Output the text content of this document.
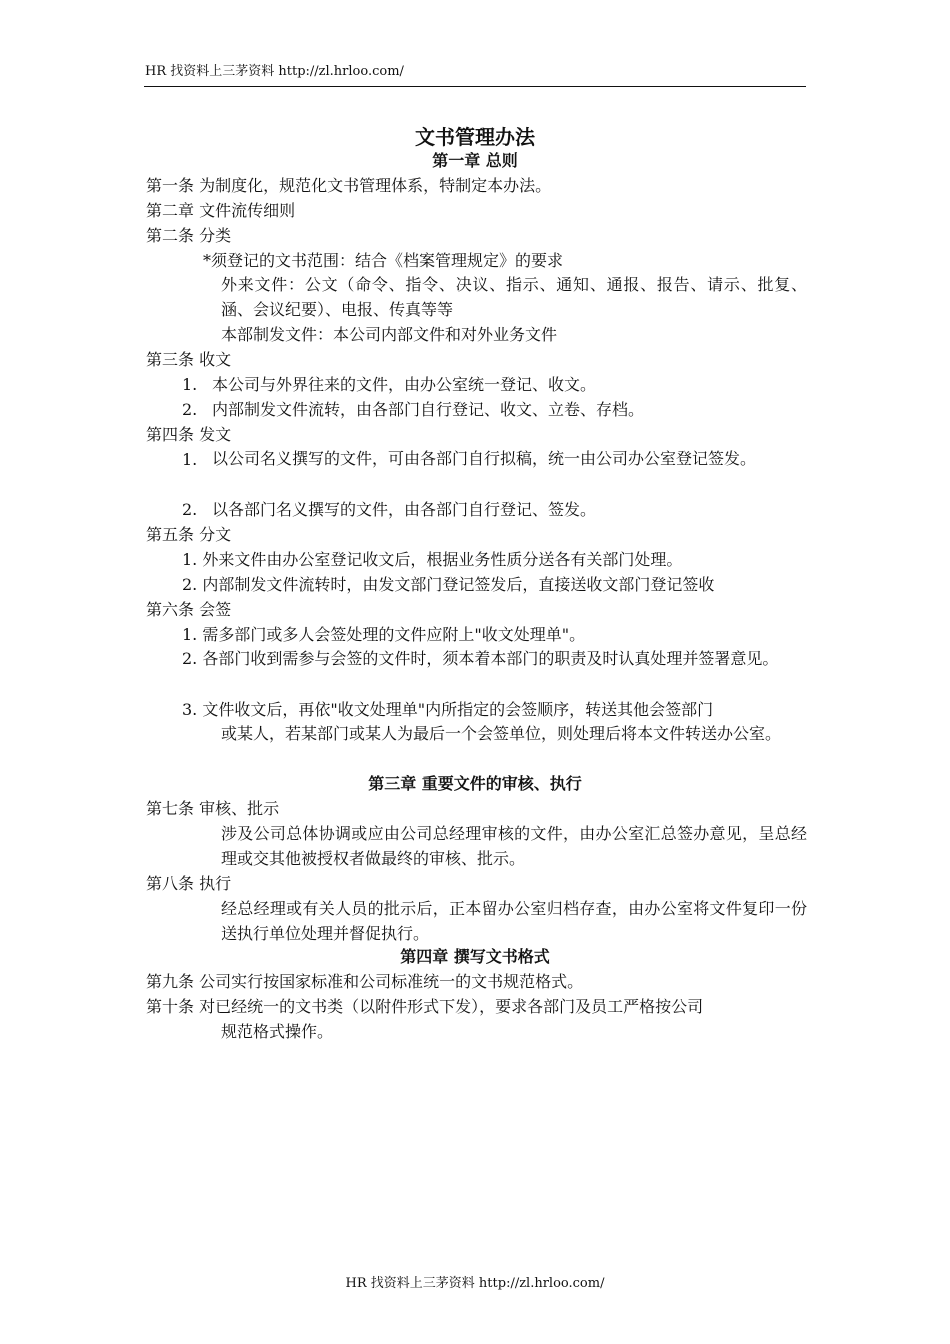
HR 找资料上三茅资料 http://zl.hrloo.com/
文书管理办法
第一章 总则
第一条 为制度化，规范化文书管理体系，特制定本办法。
第二章 文件流传细则
第二条 分类
*须登记的文书范围：结合《档案管理规定》的要求
外来文件：公文（命令、指令、决议、指示、通知、通报、报告、请示、批复、涵、会议纪要）、电报、传真等等
本部制发文件：本公司内部文件和对外业务文件
第三条 收文
1. 本公司与外界往来的文件，由办公室统一登记、收文。
2. 内部制发文件流转，由各部门自行登记、收文、立卷、存档。
第四条 发文
1. 以公司名义撰写的文件，可由各部门自行拟稿，统一由公司办公室登记签发。
2. 以各部门名义撰写的文件，由各部门自行登记、签发。
第五条 分文
1. 外来文件由办公室登记收文后，根据业务性质分送各有关部门处理。
2. 内部制发文件流转时，由发文部门登记签发后，直接送收文部门登记签收
第六条 会签
1. 需多部门或多人会签处理的文件应附上"收文处理单"。
2. 各部门收到需参与会签的文件时，须本着本部门的职责及时认真处理并签署意见。
3. 文件收文后，再依"收文处理单"内所指定的会签顺序，转送其他会签部门
或某人，若某部门或某人为最后一个会签单位，则处理后将本文件转送办公室。
第三章 重要文件的审核、执行
第七条 审核、批示
涉及公司总体协调或应由公司总经理审核的文件，由办公室汇总签办意见，呈总经理或交其他被授权者做最终的审核、批示。
第八条 执行
经总经理或有关人员的批示后，正本留办公室归档存查，由办公室将文件复印一份送执行单位处理并督促执行。
第四章 撰写文书格式
第九条 公司实行按国家标准和公司标准统一的文书规范格式。
第十条 对已经统一的文书类（以附件形式下发），要求各部门及员工严格按公司
规范格式操作。
HR 找资料上三茅资料 http://zl.hrloo.com/
